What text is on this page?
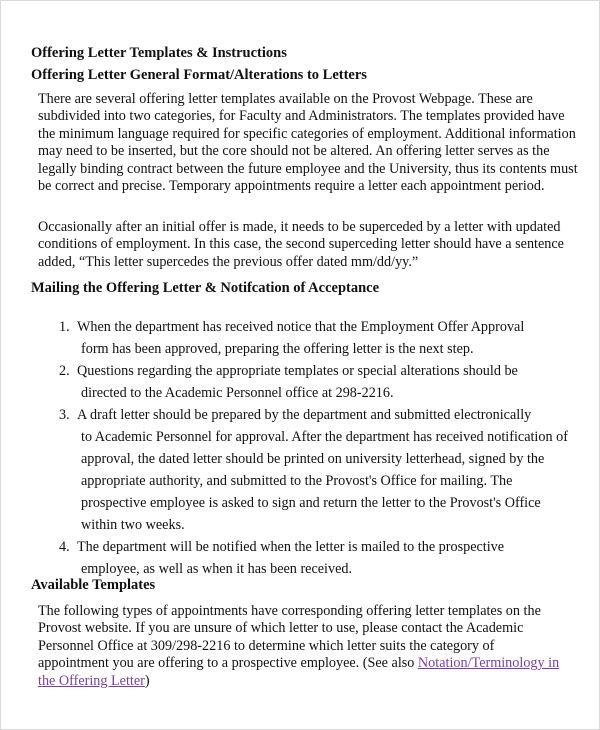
Offering Letter Templates & Instructions
Offering Letter General Format/Alterations to Letters

There are several offering letter templates available on the Provost Webpage. These are subdivided into two categories, for Faculty and Administrators. The templates provided have the minimum language required for specific categories of employment. Additional information may need to be inserted, but the core should not be altered. An offering letter serves as the legally binding contract between the future employee and the University, thus its contents must be correct and precise. Temporary appointments require a letter each appointment period.

Occasionally after an initial offer is made, it needs to be superceded by a letter with updated conditions of employment. In this case, the second superceding letter should have a sentence added, “This letter supercedes the previous offer dated mm/dd/yy.”

Mailing the Offering Letter & Notifcation of Acceptance
1. When the department has received notice that the Employment Offer Approval
form has been approved, preparing the offering letter is the next step.
2. Questions regarding the appropriate templates or special alterations should be
directed to the Academic Personnel office at 298-2216.
3. A draft letter should be prepared by the department and submitted electronically
to Academic Personnel for approval. After the department has received notification of approval, the dated letter should be printed on university letterhead, signed by the appropriate authority, and submitted to the Provost's Office for mailing. The prospective employee is asked to sign and return the letter to the Provost's Office within two weeks.
4. The department will be notified when the letter is mailed to the prospective
employee, as well as when it has been received.
Available Templates

The following types of appointments have corresponding offering letter templates on the Provost website. If you are unsure of which letter to use, please contact the Academic Personnel Office at 309/298-2216 to determine which letter suits the category of appointment you are offering to a prospective employee. (See also Notation/Terminology in the Offering Letter)
